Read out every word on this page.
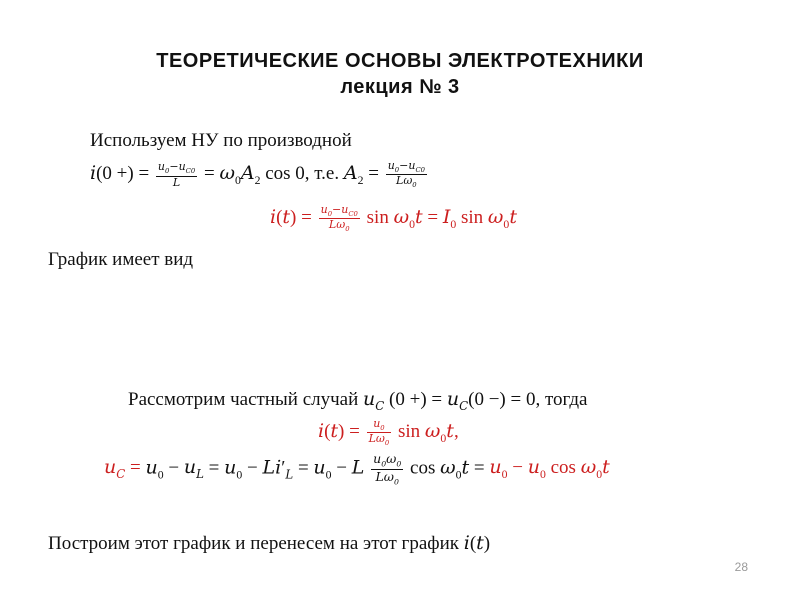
ТЕОРЕТИЧЕСКИЕ ОСНОВЫ ЭЛЕКТРОТЕХНИКИ
лекция № 3
Используем НУ по производной
i(0 +) = $\frac{u_0-u_{C0}}{L} = \omega_0A_2$ cos 0, т.е. $A_2 = \frac{u_0-u_{C0}}{L\omega_0}$
$i(t) = \frac{u_0-u_{C0}}{L\omega_0}$ $\sin \omega_0t = I_0$ $\sin \omega_0t$
График имеет вид
Рассмотрим частный случай $u_C$ (0 +) = $u_C(0$ −) = 0, тогда
$i(t) = \frac{u_0}{L\omega_0}$ $\sin \omega_0t$,
$u_C = u_0 - u_L = u_0 - Li'_L = u_0 - L \frac{u_0\omega_0}{L\omega_0}$ $\cos \omega_0t = u_0 - u_0$ $\cos \omega_0t$
Построим этот график и перенесем на этот график i(t)
28
